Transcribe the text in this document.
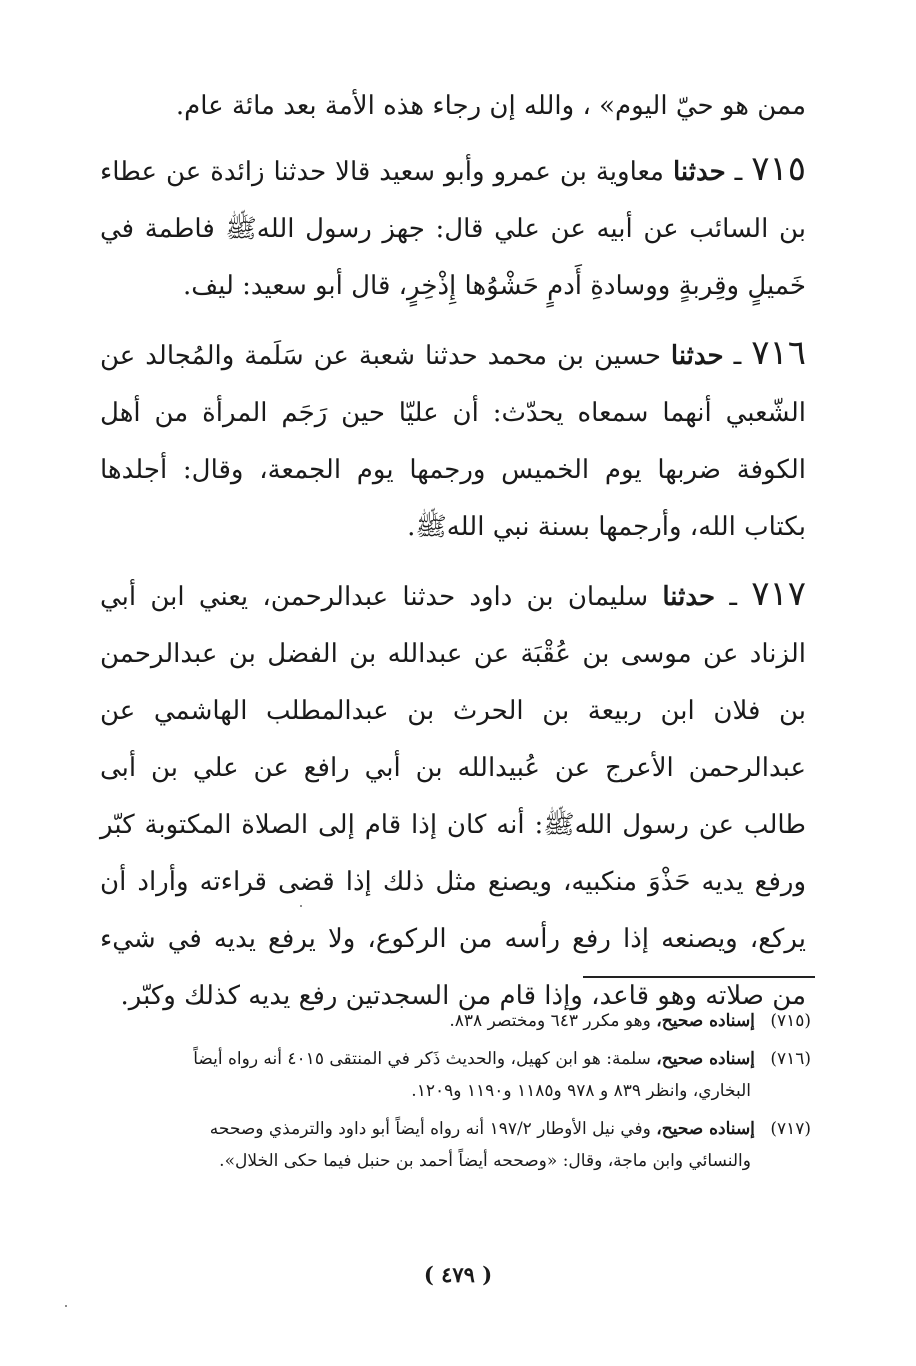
ممن هو حيّ اليوم» ، والله إن رجاء هذه الأمة بعد مائة عام.

٧١٥ ـ حدثنا معاوية بن عمرو وأبو سعيد قالا حدثنا زائدة عن عطاء بن السائب عن أبيه عن علي قال: جهز رسول اللهﷺ فاطمة في خَميلٍ وقِربةٍ ووسادةِ أَدمٍ حَشْوُها إِذْخِرٍ، قال أبو سعيد: ليف.

٧١٦ ـ حدثنا حسين بن محمد حدثنا شعبة عن سَلَمة والمُجالد عن الشّعبي أنهما سمعاه يحدّث: أن عليّا حين رَجَم المرأة من أهل الكوفة ضربها يوم الخميس ورجمها يوم الجمعة، وقال: أجلدها بكتاب الله، وأرجمها بسنة نبي اللهﷺ.

٧١٧ ـ حدثنا سليمان بن داود حدثنا عبدالرحمن، يعني ابن أبي الزناد عن موسى بن عُقْبَة عن عبدالله بن الفضل بن عبدالرحمن بن فلان ابن ربيعة بن الحرث بن عبدالمطلب الهاشمي عن عبدالرحمن الأعرج عن عُبيدالله بن أبي رافع عن علي بن أبى طالب عن رسول اللهﷺ: أنه كان إذا قام إلى الصلاة المكتوبة كبّر ورفع يديه حَذْوَ منكبيه، ويصنع مثل ذلك إذا قضى قراءته وأراد أن يركع، ويصنعه إذا رفع رأسه من الركوع، ولا يرفع يديه في شيء من صلاته وهو قاعد، وإذا قام من السجدتين رفع يديه كذلك وكبّر.

(٧١٥) إسناده صحيح، وهو مكرر ٦٤٣ ومختصر ٨٣٨.
(٧١٦) إسناده صحيح، سلمة: هو ابن كهيل، والحديث ذَكر في المنتقى ٤٠١٥ أنه رواه أيضاً
البخاري، وانظر ٨٣٩ و ٩٧٨ و١١٨٥ و١١٩٠ و١٢٠٩.
(٧١٧) إسناده صحيح، وفي نيل الأوطار ١٩٧/٢ أنه رواه أيضاً أبو داود والترمذي وصححه
والنسائي وابن ماجة، وقال: «وصححه أيضاً أحمد بن حنبل فيما حكى الخلال».
( ٤٧٩ )
